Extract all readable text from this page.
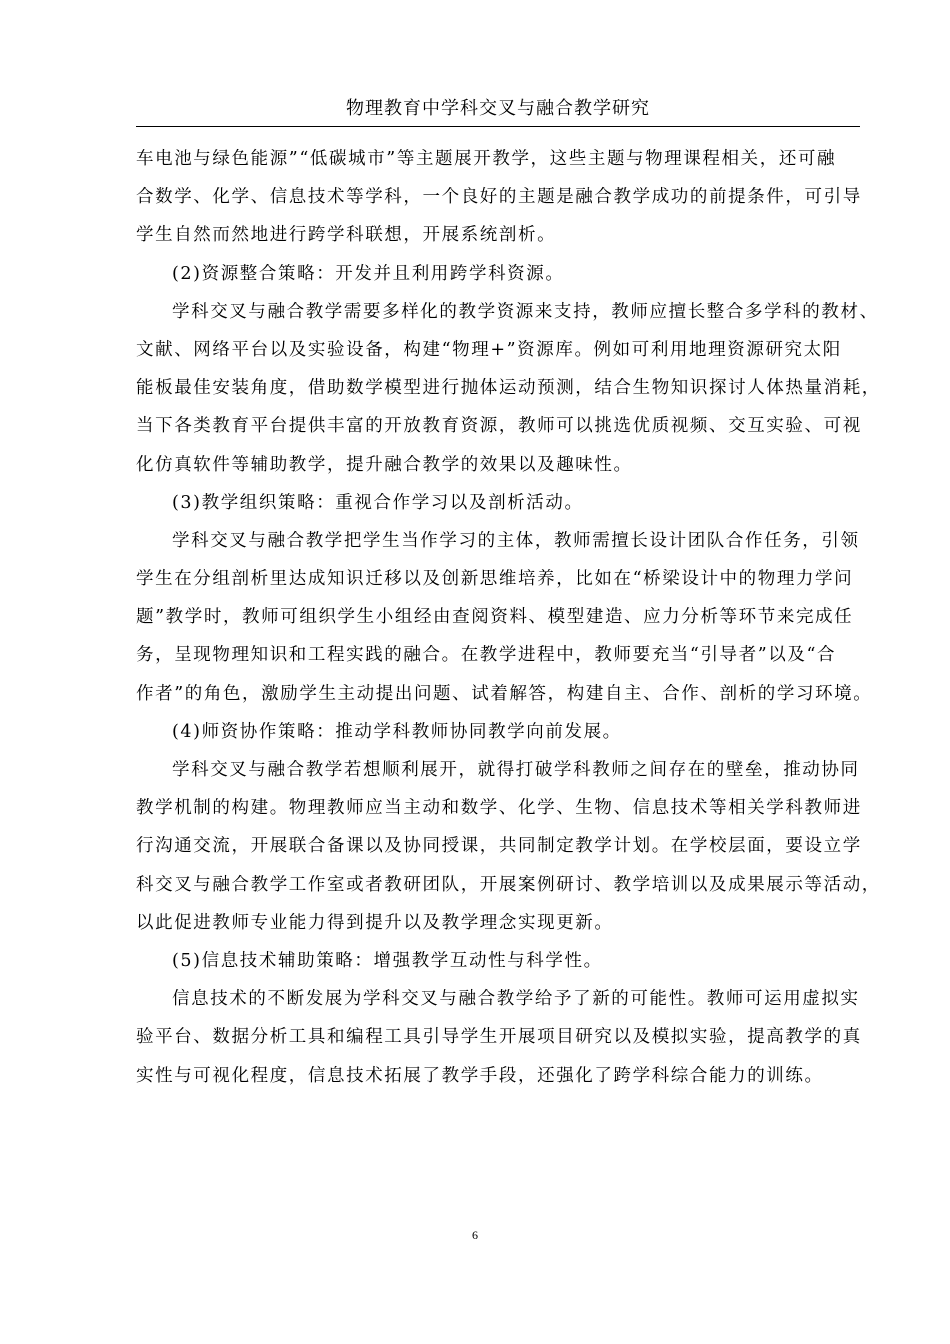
物理教育中学科交叉与融合教学研究
车电池与绿色能源”“低碳城市”等主题展开教学，这些主题与物理课程相关，还可融
合数学、化学、信息技术等学科，一个良好的主题是融合教学成功的前提条件，可引导
学生自然而然地进行跨学科联想，开展系统剖析。
(2)资源整合策略：开发并且利用跨学科资源。
学科交叉与融合教学需要多样化的教学资源来支持，教师应擅长整合多学科的教材、
文献、网络平台以及实验设备，构建“物理+”资源库。例如可利用地理资源研究太阳
能板最佳安装角度，借助数学模型进行抛体运动预测，结合生物知识探讨人体热量消耗，
当下各类教育平台提供丰富的开放教育资源，教师可以挑选优质视频、交互实验、可视
化仿真软件等辅助教学，提升融合教学的效果以及趣味性。
(3)教学组织策略：重视合作学习以及剖析活动。
学科交叉与融合教学把学生当作学习的主体，教师需擅长设计团队合作任务，引领
学生在分组剖析里达成知识迁移以及创新思维培养，比如在“桥梁设计中的物理力学问
题”教学时，教师可组织学生小组经由查阅资料、模型建造、应力分析等环节来完成任
务，呈现物理知识和工程实践的融合。在教学进程中，教师要充当“引导者”以及“合
作者”的角色，激励学生主动提出问题、试着解答，构建自主、合作、剖析的学习环境。
(4)师资协作策略：推动学科教师协同教学向前发展。
学科交叉与融合教学若想顺利展开，就得打破学科教师之间存在的壁垒，推动协同
教学机制的构建。物理教师应当主动和数学、化学、生物、信息技术等相关学科教师进
行沟通交流，开展联合备课以及协同授课，共同制定教学计划。在学校层面，要设立学
科交叉与融合教学工作室或者教研团队，开展案例研讨、教学培训以及成果展示等活动，
以此促进教师专业能力得到提升以及教学理念实现更新。
(5)信息技术辅助策略：增强教学互动性与科学性。
信息技术的不断发展为学科交叉与融合教学给予了新的可能性。教师可运用虚拟实
验平台、数据分析工具和编程工具引导学生开展项目研究以及模拟实验，提高教学的真
实性与可视化程度，信息技术拓展了教学手段，还强化了跨学科综合能力的训练。
6
